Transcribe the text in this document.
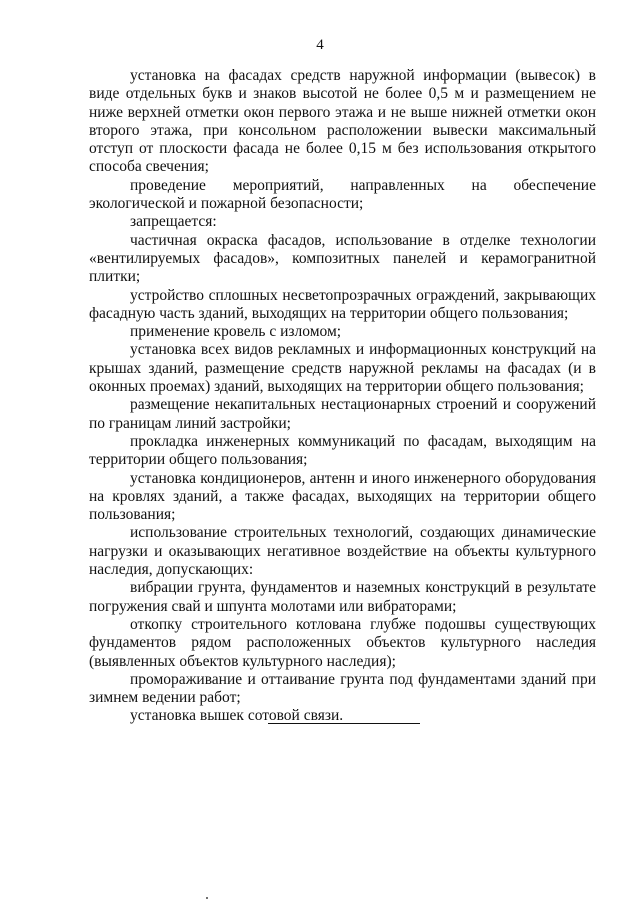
4

установка на фасадах средств наружной информации (вывесок) в виде отдельных букв и знаков высотой не более 0,5 м и размещением не ниже верхней отметки окон первого этажа и не выше нижней отметки окон второго этажа, при консольном расположении вывески максимальный отступ от плоскости фасада не более 0,15 м без использования открытого способа свечения;

проведение мероприятий, направленных на обеспечение экологической и пожарной безопасности;

запрещается:

частичная окраска фасадов, использование в отделке технологии «вентилируемых фасадов», композитных панелей и керамогранитной плитки;

устройство сплошных несветопрозрачных ограждений, закрывающих фасадную часть зданий, выходящих на территории общего пользования;

применение кровель с изломом;

установка всех видов рекламных и информационных конструкций на крышах зданий, размещение средств наружной рекламы на фасадах (и в оконных проемах) зданий, выходящих на территории общего пользования;

размещение некапитальных нестационарных строений и сооружений по границам линий застройки;

прокладка инженерных коммуникаций по фасадам, выходящим на территории общего пользования;

установка кондиционеров, антенн и иного инженерного оборудования на кровлях зданий, а также фасадах, выходящих на территории общего пользования;

использование строительных технологий, создающих динамические нагрузки и оказывающих негативное воздействие на объекты культурного наследия, допускающих:

вибрации грунта, фундаментов и наземных конструкций в результате погружения свай и шпунта молотами или вибраторами;

откопку строительного котлована глубже подошвы существующих фундаментов рядом расположенных объектов культурного наследия (выявленных объектов культурного наследия);

промораживание и оттаивание грунта под фундаментами зданий при зимнем ведении работ;

установка вышек сотовой связи.
